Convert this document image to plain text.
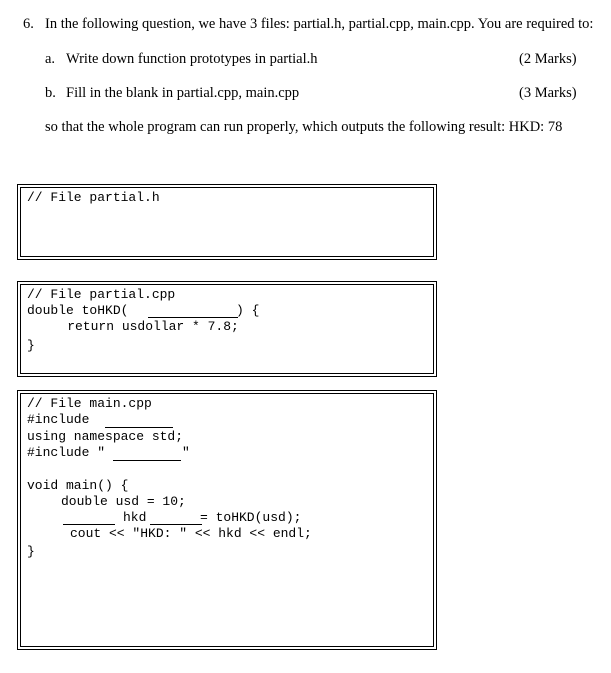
6. In the following question, we have 3 files: partial.h, partial.cpp, main.cpp. You are required to:
a. Write down function prototypes in partial.h	(2 Marks)
b. Fill in the blank in partial.cpp, main.cpp	(3 Marks)
so that the whole program can run properly, which outputs the following result: HKD: 78
// File partial.h
// File partial.cpp
double toHKD(	) {
return usdollar * 7.8;
}
// File main.cpp
#include
using namespace std;
#include "	"
void main() {
double usd = 10;
hkd	= toHKD(usd);
cout << "HKD: " << hkd << endl;
}
